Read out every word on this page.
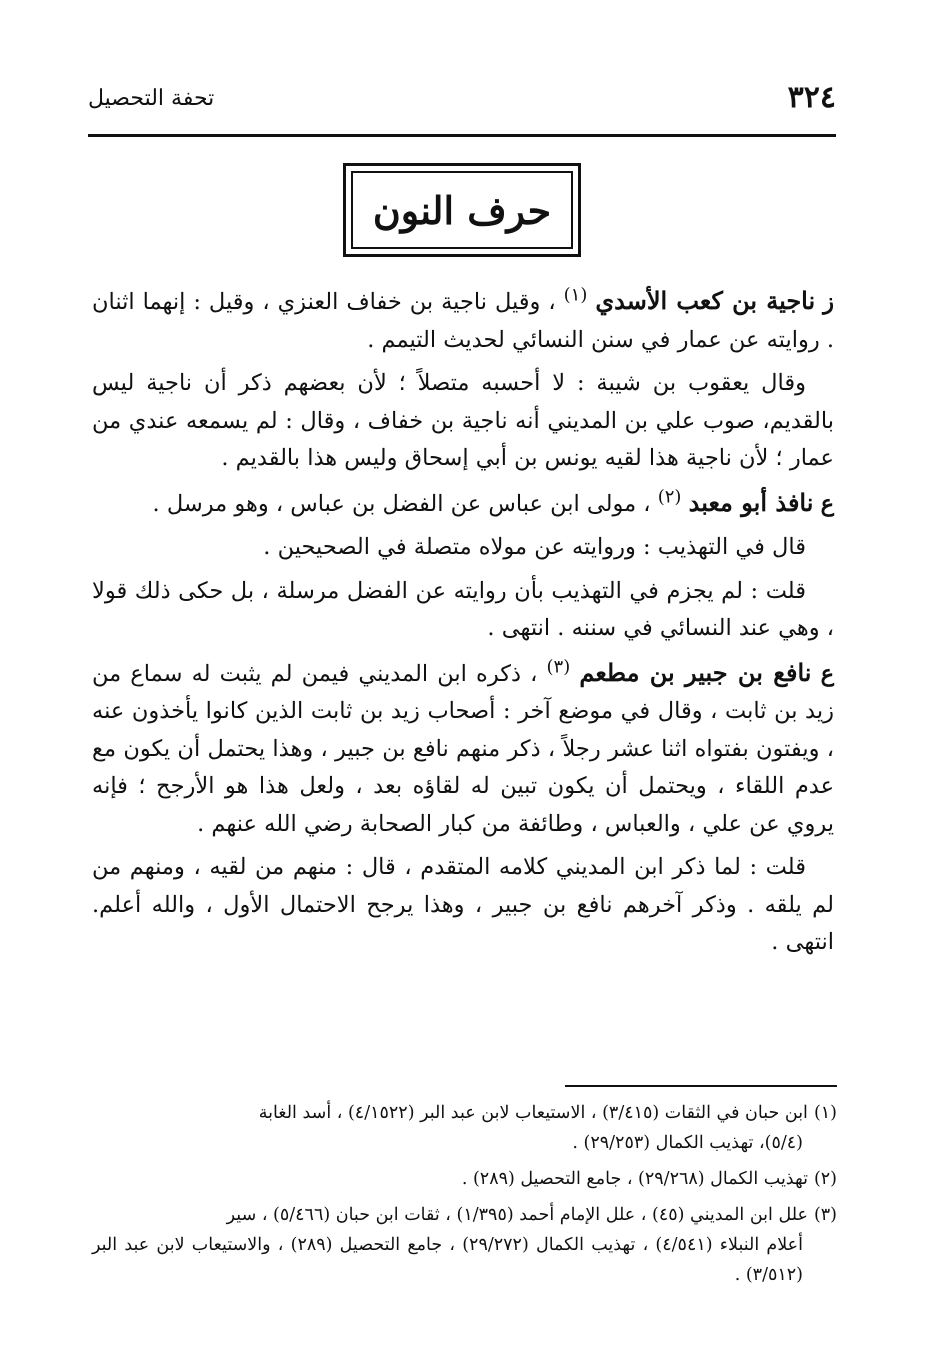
٣٢٤
تحفة التحصيل
حرف النون

ز ناجية بن كعب الأسدي $^{(١)}$ ، وقيل ناجية بن خفاف العنزي ، وقيل : إنهما اثنان . روايته عن عمار في سنن النسائي لحديث التيمم .

وقال يعقوب بن شيبة : لا أحسبه متصلاً ؛ لأن بعضهم ذكر أن ناجية ليس بالقديم، صوب علي بن المديني أنه ناجية بن خفاف ، وقال : لم يسمعه عندي من عمار ؛ لأن ناجية هذا لقيه يونس بن أبي إسحاق وليس هذا بالقديم .

ع نافذ أبو معبد $^{(٢)}$ ، مولى ابن عباس عن الفضل بن عباس ، وهو مرسل .

قال في التهذيب : وروايته عن مولاه متصلة في الصحيحين .

قلت : لم يجزم في التهذيب بأن روايته عن الفضل مرسلة ، بل حكى ذلك قولا ، وهي عند النسائي في سننه . انتهى .

ع نافع بن جبير بن مطعم $^{(٣)}$ ، ذكره ابن المديني فيمن لم يثبت له سماع من زيد بن ثابت ، وقال في موضع آخر : أصحاب زيد بن ثابت الذين كانوا يأخذون عنه ، ويفتون بفتواه اثنا عشر رجلاً ، ذكر منهم نافع بن جبير ، وهذا يحتمل أن يكون مع عدم اللقاء ، ويحتمل أن يكون تبين له لقاؤه بعد ، ولعل هذا هو الأرجح ؛ فإنه يروي عن علي ، والعباس ، وطائفة من كبار الصحابة رضي الله عنهم .

قلت : لما ذكر ابن المديني كلامه المتقدم ، قال : منهم من لقيه ، ومنهم من لم يلقه . وذكر آخرهم نافع بن جبير ، وهذا يرجح الاحتمال الأول ، والله أعلم. انتهى .

(١)ابن حبان في الثقات (٣/٤١٥) ، الاستيعاب لابن عبد البر (٤/١٥٢٢) ، أسد الغابة
(٥/٤)، تهذيب الكمال (٢٩/٢٥٣) .
(٢)تهذيب الكمال (٢٩/٢٦٨) ، جامع التحصيل (٢٨٩) .
(٣)علل ابن المديني (٤٥) ، علل الإمام أحمد (١/٣٩٥) ، ثقات ابن حبان (٥/٤٦٦) ، سير
أعلام النبلاء (٤/٥٤١) ، تهذيب الكمال (٢٩/٢٧٢) ، جامع التحصيل (٢٨٩) ، والاستيعاب لابن عبد البر (٣/٥١٢) .
